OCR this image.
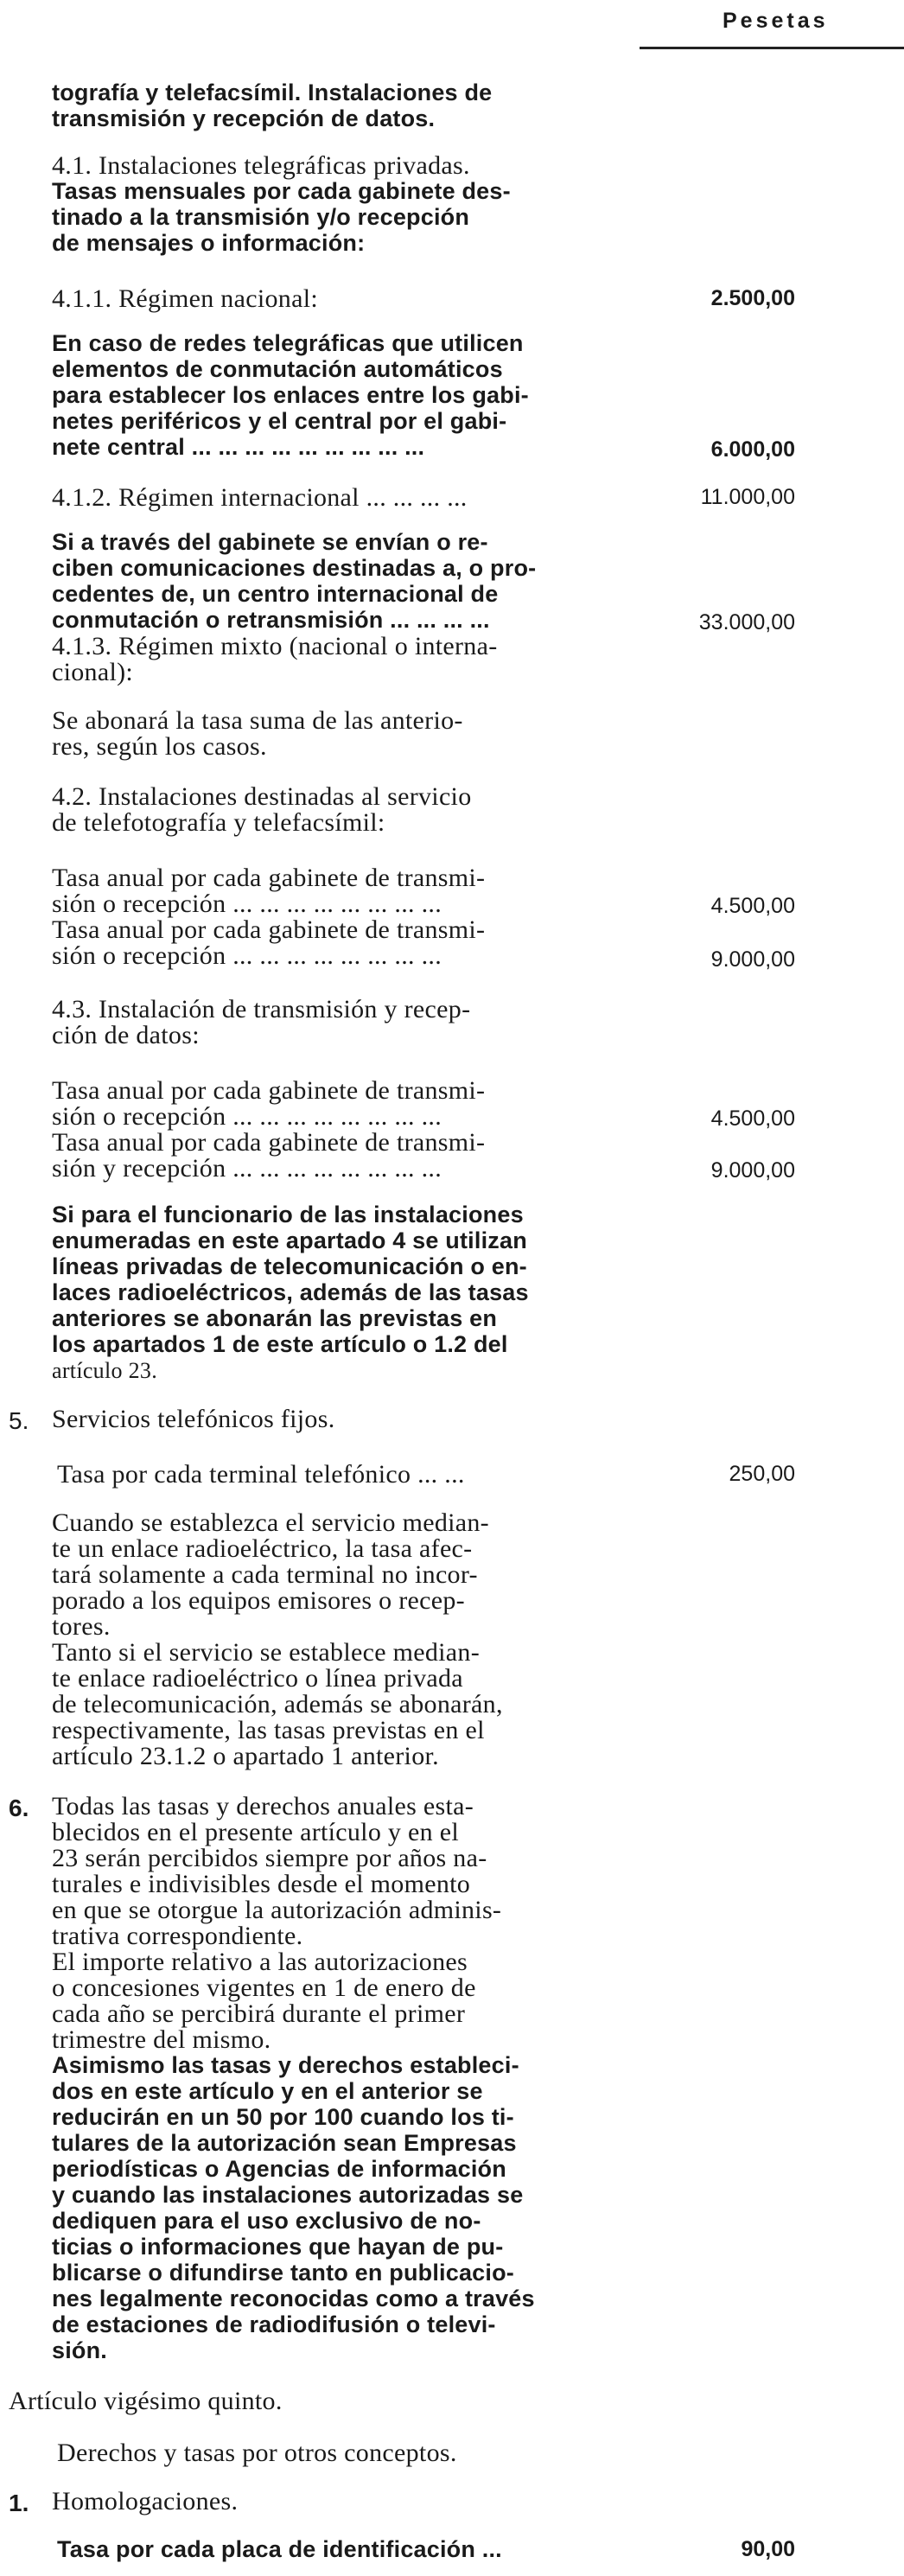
Pesetas
tografía y telefacsímil. Instalaciones de
transmisión y recepción de datos.
4.1. Instalaciones telegráficas privadas.
Tasas mensuales por cada gabinete des-
tinado a la transmisión y/o recepción
de mensajes o información:
4.1.1. Régimen nacional:	2.500,00
En caso de redes telegráficas que utilicen
elementos de conmutación automáticos
para establecer los enlaces entre los gabi-
netes periféricos y el central por el gabi-
nete central ... ... ... ... ... ... ... ... ...	6.000,00
4.1.2. Régimen internacional ... ... ... ...	11.000,00
Si a través del gabinete se envían o re-
ciben comunicaciones destinadas a, o pro-
cedentes de, un centro internacional de
conmutación o retransmisión ... ... ... ...	33.000,00
4.1.3. Régimen mixto (nacional o interna-
cional):
Se abonará la tasa suma de las anterio-
res, según los casos.
4.2. Instalaciones destinadas al servicio
de telefotografía y telefacsímil:
Tasa anual por cada gabinete de transmi-
sión o recepción ... ... ... ... ... ... ... ...	4.500,00
Tasa anual por cada gabinete de transmi-
sión o recepción ... ... ... ... ... ... ... ...	9.000,00
4.3. Instalación de transmisión y recep-
ción de datos:
Tasa anual por cada gabinete de transmi-
sión o recepción ... ... ... ... ... ... ... ...	4.500,00
Tasa anual por cada gabinete de transmi-
sión y recepción ... ... ... ... ... ... ... ...	9.000,00
Si para el funcionario de las instalaciones
enumeradas en este apartado 4 se utilizan
líneas privadas de telecomunicación o en-
laces radioeléctricos, además de las tasas
anteriores se abonarán las previstas en
los apartados 1 de este artículo o 1.2 del
artículo 23.
5. Servicios telefónicos fijos.
Tasa por cada terminal telefónico ... ...	250,00
Cuando se establezca el servicio median-
te un enlace radioeléctrico, la tasa afec-
tará solamente a cada terminal no incor-
porado a los equipos emisores o recep-
tores.
Tanto si el servicio se establece median-
te enlace radioeléctrico o línea privada
de telecomunicación, además se abonarán,
respectivamente, las tasas previstas en el
artículo 23.1.2 o apartado 1 anterior.
6. Todas las tasas y derechos anuales esta-
blecidos en el presente artículo y en el
23 serán percibidos siempre por años na-
turales e indivisibles desde el momento
en que se otorgue la autorización adminis-
trativa correspondiente.
El importe relativo a las autorizaciones
o concesiones vigentes en 1 de enero de
cada año se percibirá durante el primer
trimestre del mismo.
Asimismo las tasas y derechos estableci-
dos en este artículo y en el anterior se
reducirán en un 50 por 100 cuando los ti-
tulares de la autorización sean Empresas
periodísticas o Agencias de información
y cuando las instalaciones autorizadas se
dediquen para el uso exclusivo de no-
ticias o informaciones que hayan de pu-
blicarse o difundirse tanto en publicacio-
nes legalmente reconocidas como a través
de estaciones de radiodifusión o televi-
sión.
Artículo vigésimo quinto.
Derechos y tasas por otros conceptos.
1. Homologaciones.
Tasa por cada placa de identificación ...	90,00
